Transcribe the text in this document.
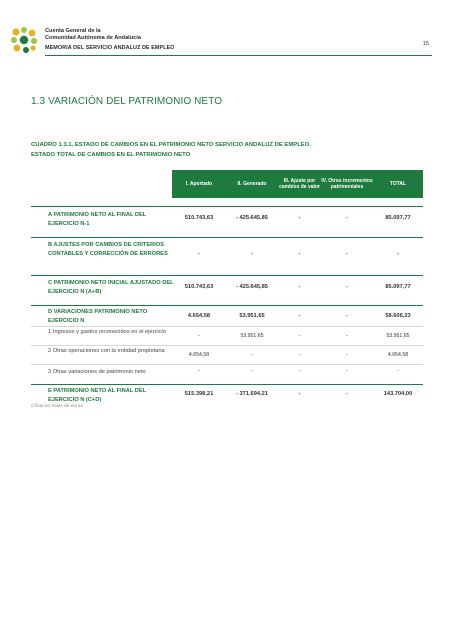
Cuenta General de la
Comunidad Autónoma de Andalucía
MEMORIA DEL SERVICIO ANDALUZ DE EMPLEO
15
1.3 VARIACIÓN DEL PATRIMONIO NETO
CUADRO 1.3.1. ESTADO DE CAMBIOS EN EL PATRIMONIO NETO SERVICIO ANDALUZ DE EMPLEO.
ESTADO TOTAL DE CAMBIOS EN EL PATRIMONIO NETO
I. Aportado	II. Generado
III. Ajuste por cambios de valor
IV. Otros incrementos patrimoniales
TOTAL
A PATRIMONIO NETO AL FINAL DEL EJERCICIO N-1
510.743,63	- 425.645,85	-	-	85.097,77
B AJUSTES POR CAMBIOS DE CRITERIOS CONTABLES Y CORRECCIÓN DE ERRORES	-	-	-	-	-
C PATRIMONIO NETO INICIAL AJUSTADO DEL EJERCICIO N (A+B)
510.743,63	- 425.645,85	-	-	85.097,77
D VARIACIONES PATRIMONIO NETO EJERCICIO N
4.654,58	53.951,65	-	-	58.606,23
1 Ingresos y gastos reconocidos en el ejercicio
-	53.951,65	-	-	53.951,65
2 Otras operaciones con la entidad propietaria
4.654,58	-	-	-	4.654,58
3 Otras variaciones de patrimonio neto	-	-	-	-	-
E PATRIMONIO NETO AL FINAL DEL EJERCICIO N (C+D)
515.398,21	- 371.694,21	-	-	143.704,00
Cifras en miles de euros
